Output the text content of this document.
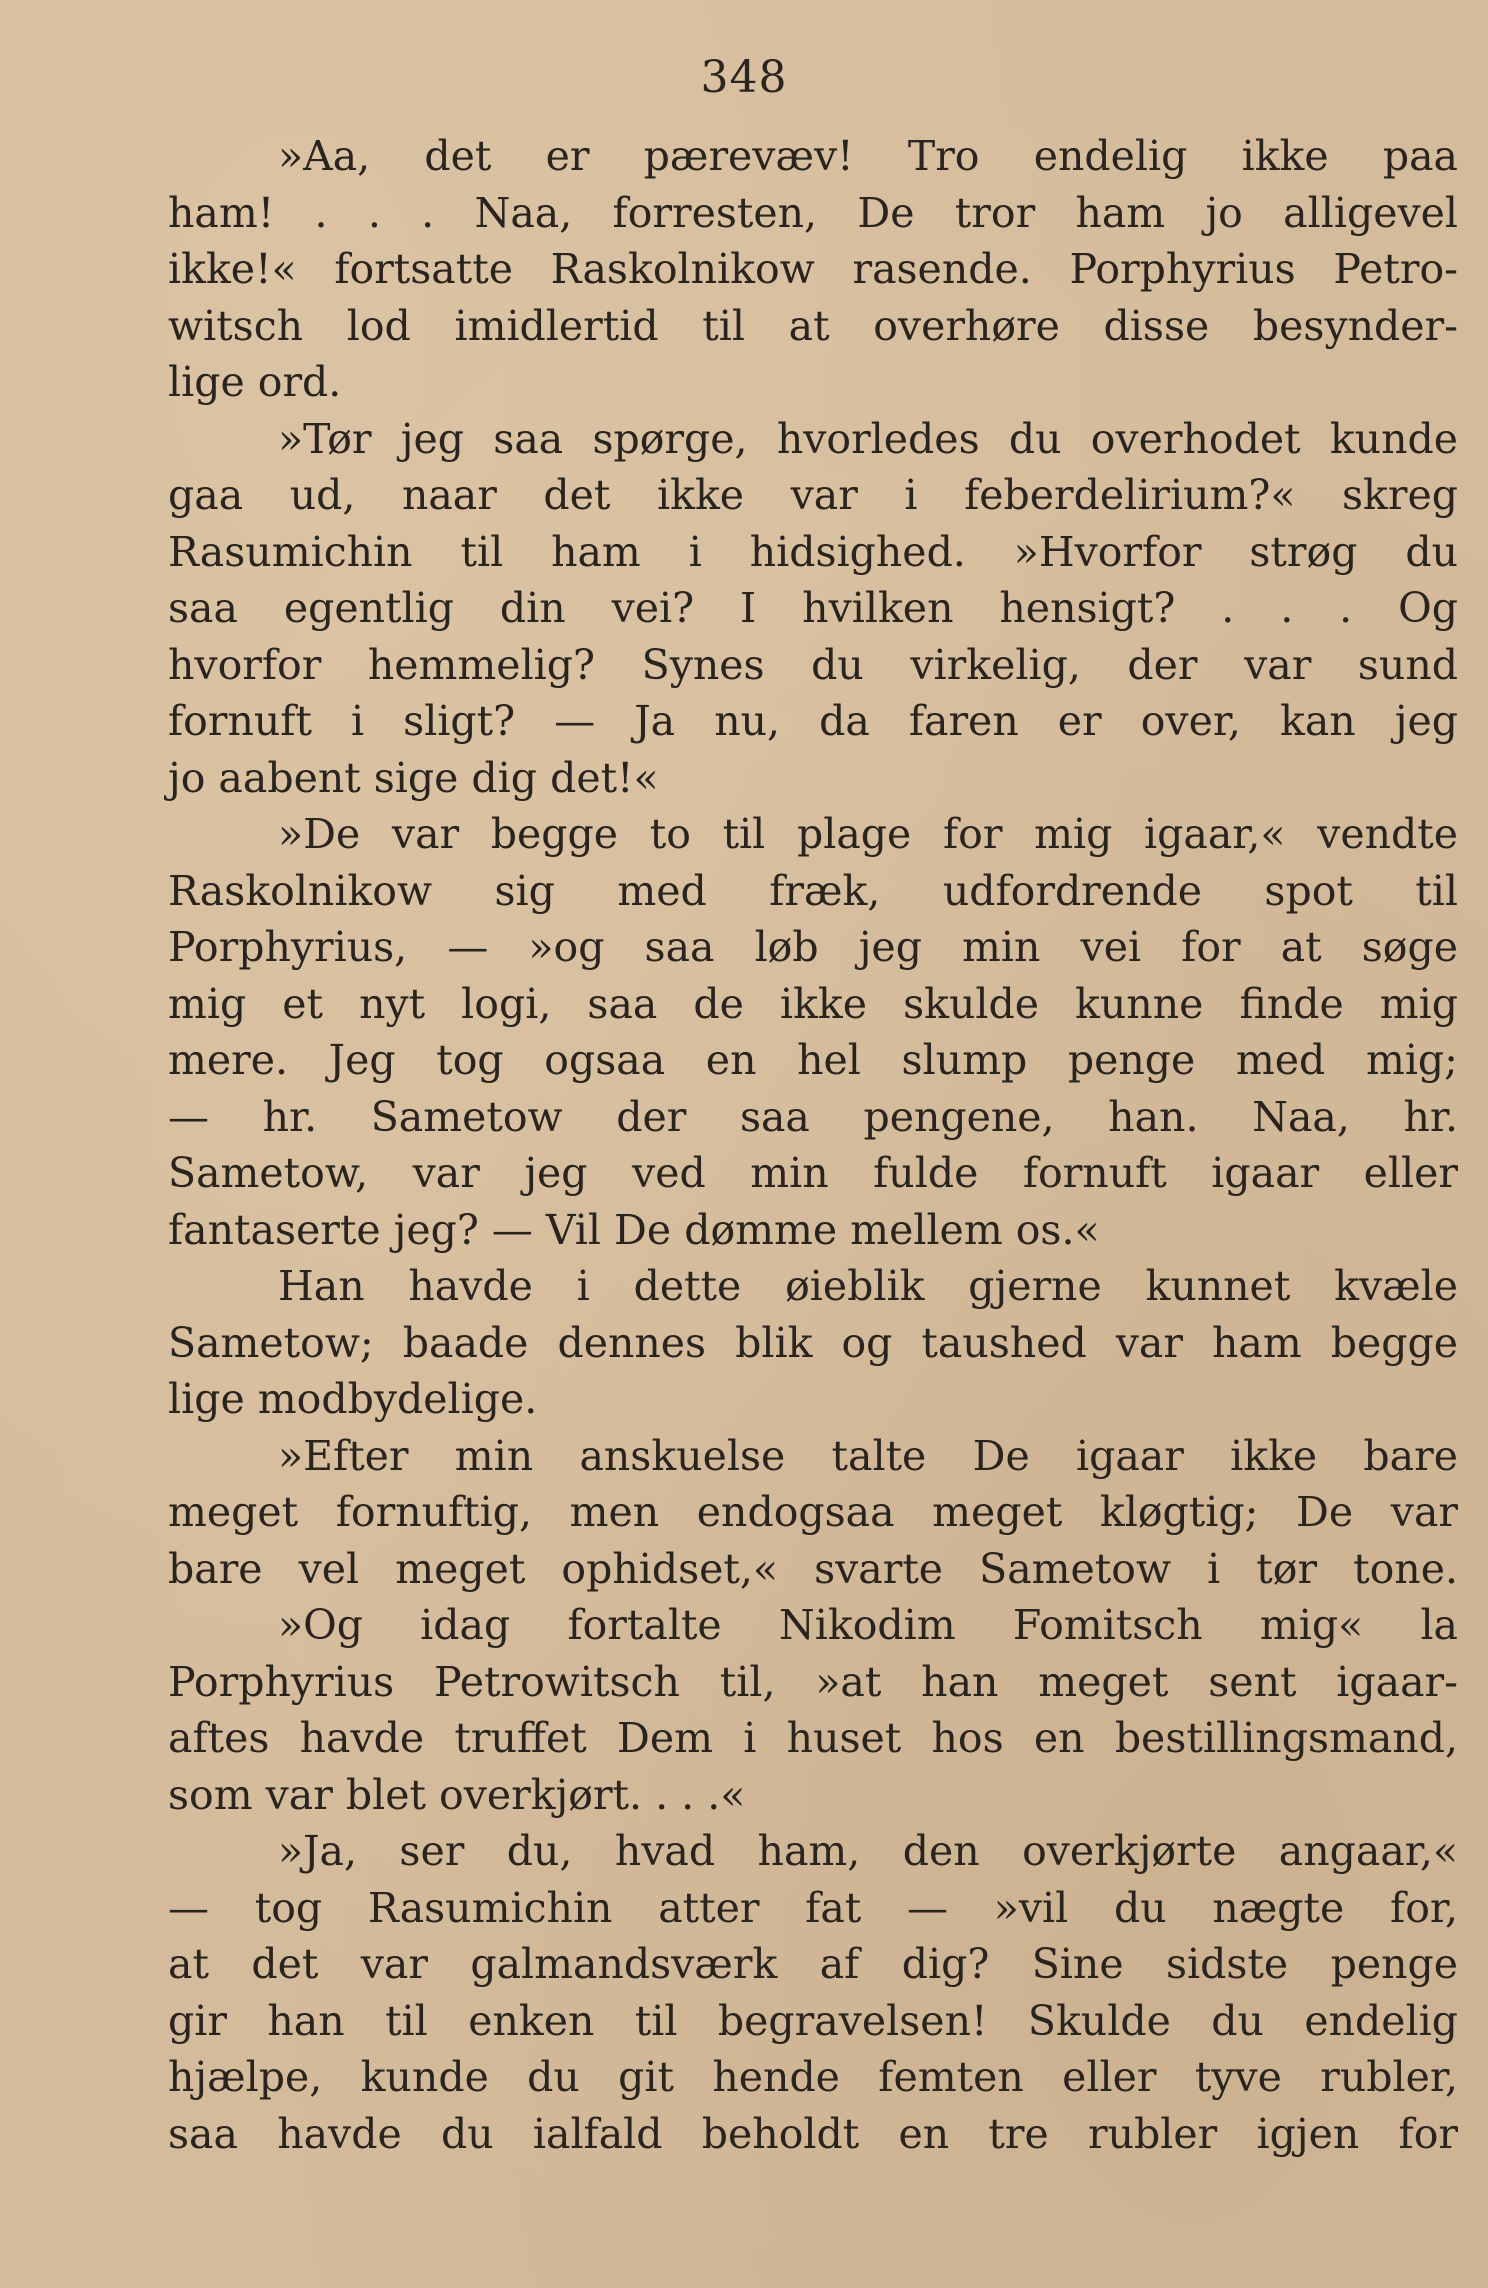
348
»Aa, det er pærevæv! Tro endelig ikke paa
ham! . . . Naa, forresten, De tror ham jo alligevel
ikke!« fortsatte Raskolnikow rasende. Porphyrius Petro-
witsch lod imidlertid til at overhøre disse besynder-
lige ord.
»Tør jeg saa spørge, hvorledes du overhodet kunde
gaa ud, naar det ikke var i feberdelirium?« skreg
Rasumichin til ham i hidsighed. »Hvorfor strøg du
saa egentlig din vei? I hvilken hensigt? . . . Og
hvorfor hemmelig? Synes du virkelig, der var sund
fornuft i sligt? — Ja nu, da faren er over, kan jeg
jo aabent sige dig det!«
»De var begge to til plage for mig igaar,« vendte
Raskolnikow sig med fræk, udfordrende spot til
Porphyrius, — »og saa løb jeg min vei for at søge
mig et nyt logi, saa de ikke skulde kunne finde mig
mere. Jeg tog ogsaa en hel slump penge med mig;
— hr. Sametow der saa pengene, han. Naa, hr.
Sametow, var jeg ved min fulde fornuft igaar eller
fantaserte jeg? — Vil De dømme mellem os.«
Han havde i dette øieblik gjerne kunnet kvæle
Sametow; baade dennes blik og taushed var ham begge
lige modbydelige.
»Efter min anskuelse talte De igaar ikke bare
meget fornuftig, men endogsaa meget kløgtig; De var
bare vel meget ophidset,« svarte Sametow i tør tone.
»Og idag fortalte Nikodim Fomitsch mig« la
Porphyrius Petrowitsch til, »at han meget sent igaar-
aftes havde truffet Dem i huset hos en bestillingsmand,
som var blet overkjørt. . . .«
»Ja, ser du, hvad ham, den overkjørte angaar,«
— tog Rasumichin atter fat — »vil du nægte for,
at det var galmandsværk af dig? Sine sidste penge
gir han til enken til begravelsen! Skulde du endelig
hjælpe, kunde du git hende femten eller tyve rubler,
saa havde du ialfald beholdt en tre rubler igjen for
